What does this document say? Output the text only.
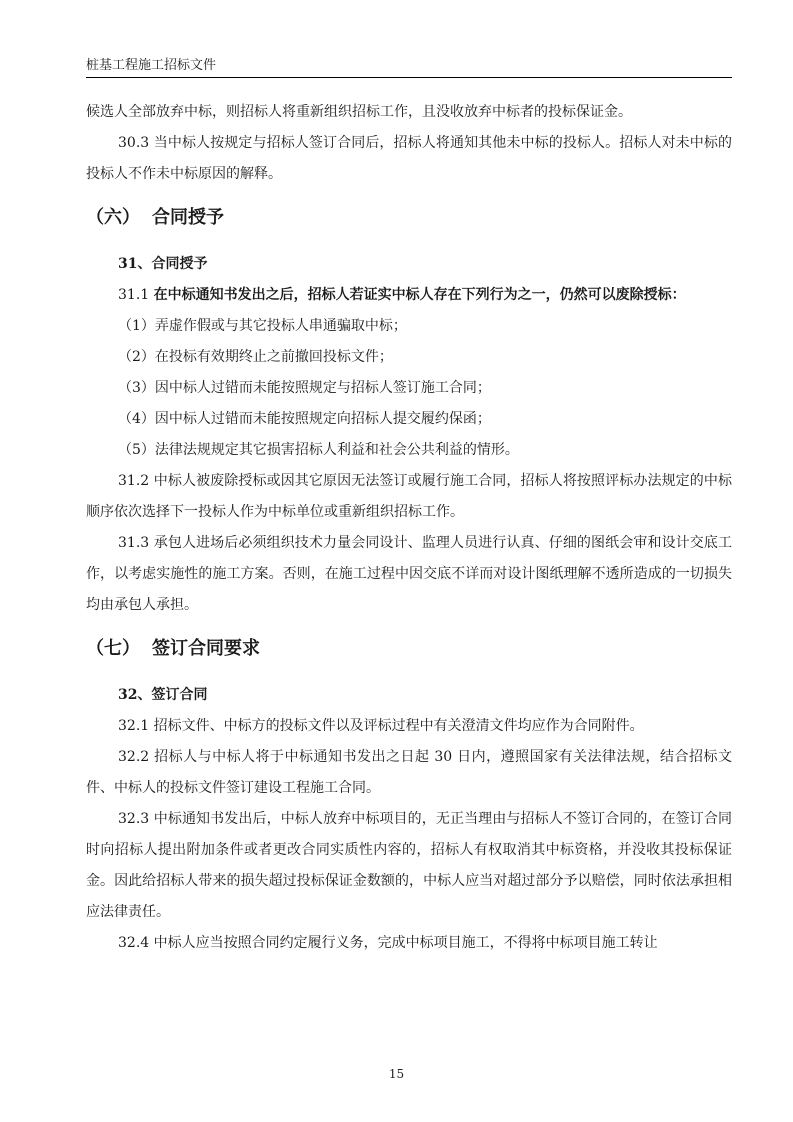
桩基工程施工招标文件

候选人全部放弃中标，则招标人将重新组织招标工作，且没收放弃中标者的投标保证金。

30.3 当中标人按规定与招标人签订合同后，招标人将通知其他未中标的投标人。招标人对未中标的投标人不作未中标原因的解释。

（六） 合同授予

31、合同授予

31.1 在中标通知书发出之后，招标人若证实中标人存在下列行为之一，仍然可以废除授标：

（1）弄虚作假或与其它投标人串通骗取中标；

（2）在投标有效期终止之前撤回投标文件；

（3）因中标人过错而未能按照规定与招标人签订施工合同；

（4）因中标人过错而未能按照规定向招标人提交履约保函；

（5）法律法规规定其它损害招标人利益和社会公共利益的情形。

31.2 中标人被废除授标或因其它原因无法签订或履行施工合同，招标人将按照评标办法规定的中标顺序依次选择下一投标人作为中标单位或重新组织招标工作。

31.3 承包人进场后必须组织技术力量会同设计、监理人员进行认真、仔细的图纸会审和设计交底工作，以考虑实施性的施工方案。否则，在施工过程中因交底不详而对设计图纸理解不透所造成的一切损失均由承包人承担。

（七） 签订合同要求

32、签订合同

32.1 招标文件、中标方的投标文件以及评标过程中有关澄清文件均应作为合同附件。

32.2 招标人与中标人将于中标通知书发出之日起 30 日内，遵照国家有关法律法规，结合招标文件、中标人的投标文件签订建设工程施工合同。

32.3 中标通知书发出后，中标人放弃中标项目的，无正当理由与招标人不签订合同的，在签订合同时向招标人提出附加条件或者更改合同实质性内容的，招标人有权取消其中标资格，并没收其投标保证金。因此给招标人带来的损失超过投标保证金数额的，中标人应当对超过部分予以赔偿，同时依法承担相应法律责任。

32.4 中标人应当按照合同约定履行义务，完成中标项目施工，不得将中标项目施工转让

15
